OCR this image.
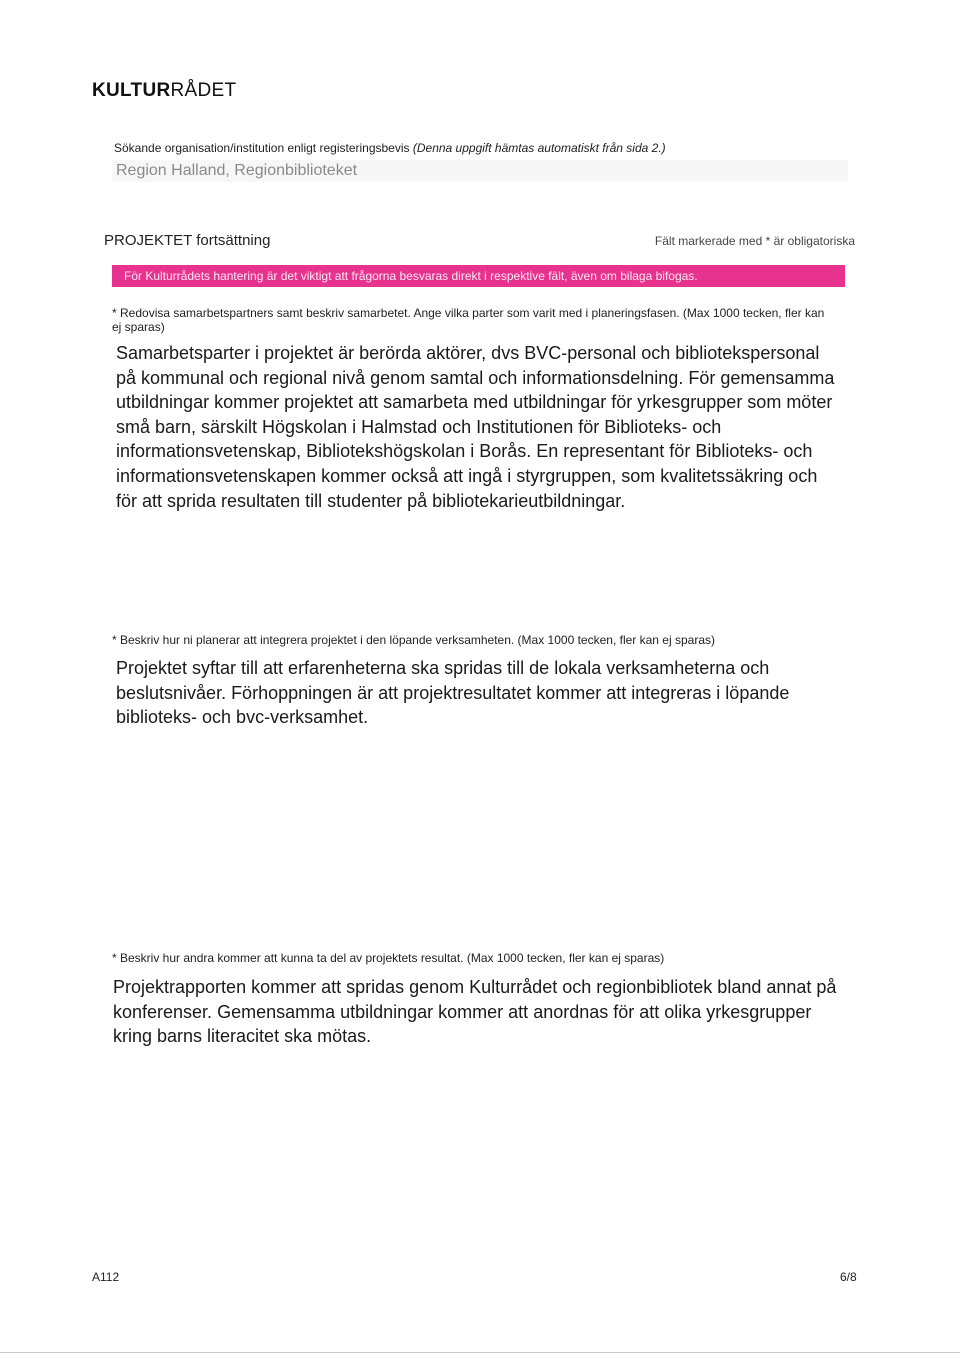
KULTURRÅDET
Sökande organisation/institution enligt registeringsbevis (Denna uppgift hämtas automatiskt från sida 2.)
Region Halland, Regionbiblioteket
PROJEKTET fortsättning	Fält markerade med * är obligatoriska
För Kulturrådets hantering är det viktigt att frågorna besvaras direkt i respektive fält, även om bilaga bifogas.
* Redovisa samarbetspartners samt beskriv samarbetet. Ange vilka parter som varit med i planeringsfasen. (Max 1000 tecken, fler kan ej sparas)
Samarbetsparter i projektet är berörda aktörer, dvs BVC-personal och bibliotekspersonal på kommunal och regional nivå genom samtal och informationsdelning. För gemensamma utbildningar kommer projektet att samarbeta med utbildningar för yrkesgrupper som möter små barn, särskilt Högskolan i Halmstad och Institutionen för Biblioteks- och informationsvetenskap, Bibliotekshögskolan i Borås. En representant för Biblioteks- och informationsvetenskapen kommer också att ingå i styrgruppen, som kvalitetssäkring och för att sprida resultaten till studenter på bibliotekarieutbildningar.
* Beskriv hur ni planerar att integrera projektet i den löpande verksamheten. (Max 1000 tecken, fler kan ej sparas)
Projektet syftar till att erfarenheterna ska spridas till de lokala verksamheterna och beslutsnivåer. Förhoppningen är att projektresultatet kommer att integreras i löpande biblioteks- och bvc-verksamhet.
* Beskriv hur andra kommer att kunna ta del av projektets resultat. (Max 1000 tecken, fler kan ej sparas)
Projektrapporten kommer att spridas genom Kulturrådet och regionbibliotek bland annat på konferenser. Gemensamma utbildningar kommer att anordnas för att olika yrkesgrupper kring barns literacitet ska mötas.
A112	6/8
